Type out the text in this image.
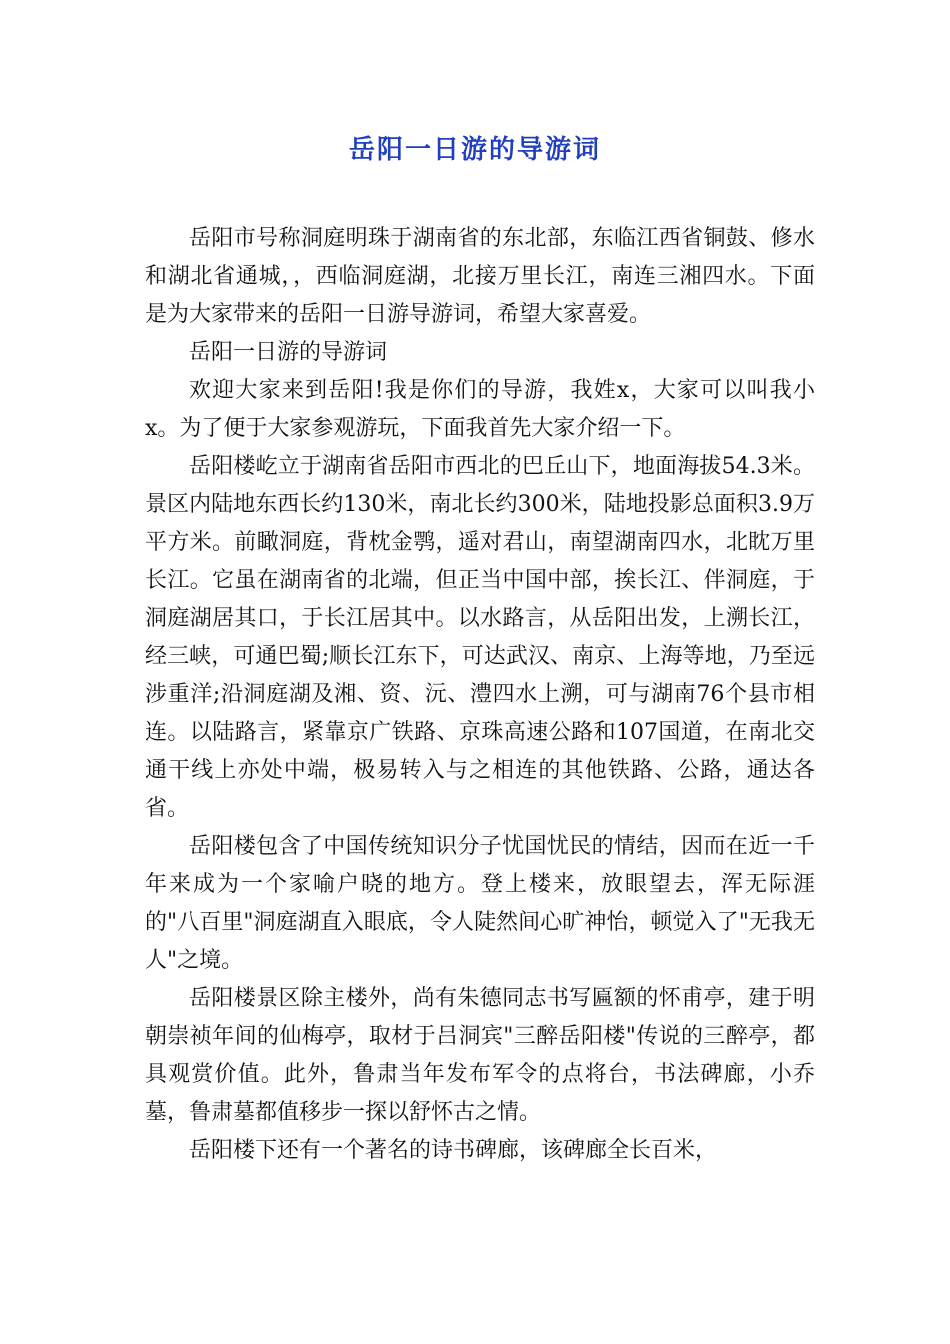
岳阳一日游的导游词

岳阳市号称洞庭明珠于湖南省的东北部，东临江西省铜鼓、修水和湖北省通城，，西临洞庭湖，北接万里长江，南连三湘四水。下面是为大家带来的岳阳一日游导游词，希望大家喜爱。

岳阳一日游的导游词

欢迎大家来到岳阳!我是你们的导游，我姓x，大家可以叫我小x。为了便于大家参观游玩，下面我首先大家介绍一下。

岳阳楼屹立于湖南省岳阳市西北的巴丘山下，地面海拔54.3米。景区内陆地东西长约130米，南北长约300米，陆地投影总面积3.9万平方米。前瞰洞庭，背枕金鹗，遥对君山，南望湖南四水，北眈万里长江。它虽在湖南省的北端，但正当中国中部，挨长江、伴洞庭，于洞庭湖居其口，于长江居其中。以水路言，从岳阳出发，上溯长江，经三峡，可通巴蜀;顺长江东下，可达武汉、南京、上海等地，乃至远涉重洋;沿洞庭湖及湘、资、沅、澧四水上溯，可与湖南76个县市相连。以陆路言，紧靠京广铁路、京珠高速公路和107国道，在南北交通干线上亦处中端，极易转入与之相连的其他铁路、公路，通达各省。

岳阳楼包含了中国传统知识分子忧国忧民的情结，因而在近一千年来成为一个家喻户晓的地方。登上楼来，放眼望去，浑无际涯的"八百里"洞庭湖直入眼底，令人陡然间心旷神怡，顿觉入了"无我无人"之境。

岳阳楼景区除主楼外，尚有朱德同志书写匾额的怀甫亭，建于明朝崇祯年间的仙梅亭，取材于吕洞宾"三醉岳阳楼"传说的三醉亭，都具观赏价值。此外，鲁肃当年发布军令的点将台，书法碑廊，小乔墓，鲁肃墓都值移步一探以舒怀古之情。

岳阳楼下还有一个著名的诗书碑廊，该碑廊全长百米，
